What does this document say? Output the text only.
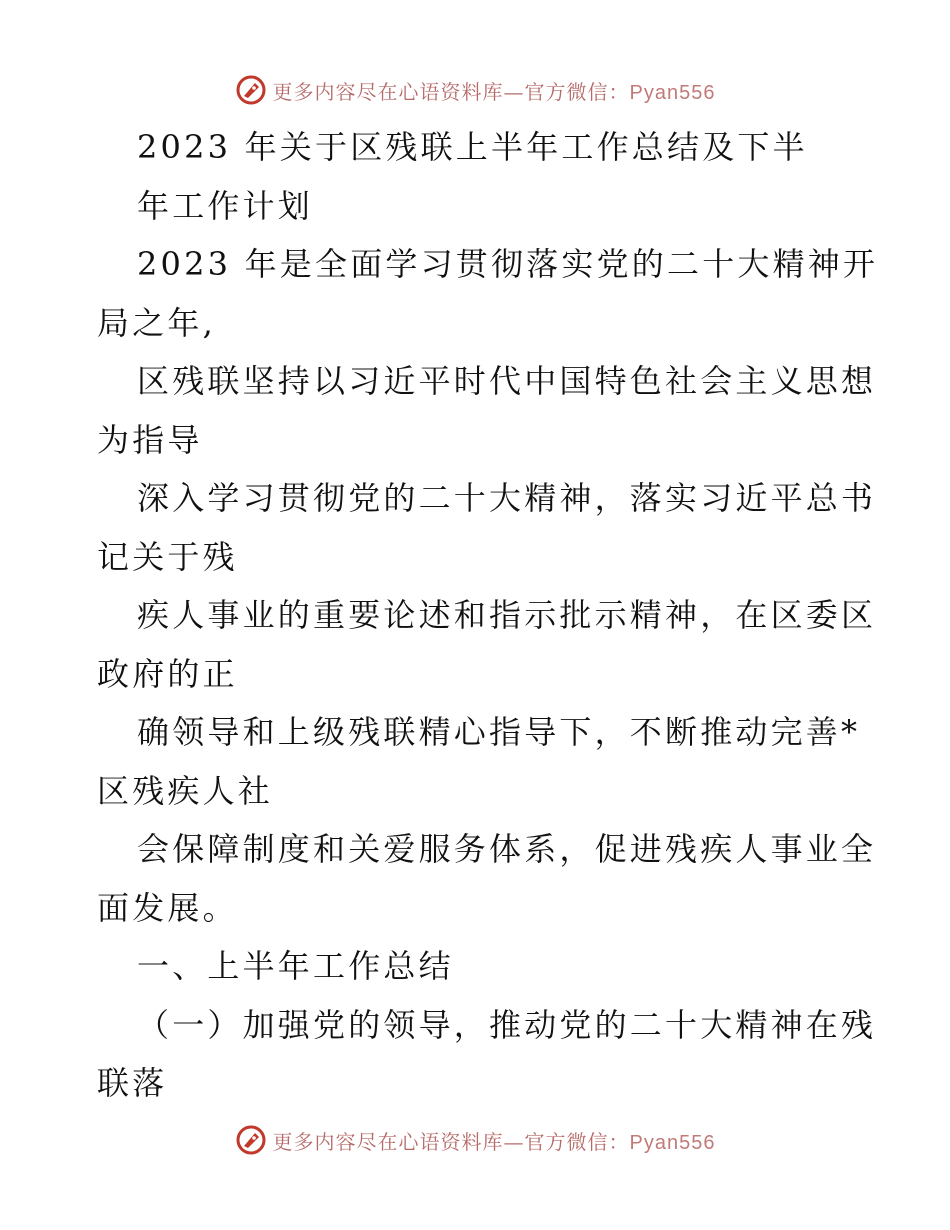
更多内容尽在心语资料库—官方微信：Pyan556
2023 年关于区残联上半年工作总结及下半
年工作计划
2023 年是全面学习贯彻落实党的二十大精神开
局之年,
区残联坚持以习近平时代中国特色社会主义思想
为指导
深入学习贯彻党的二十大精神，落实习近平总书
记关于残
疾人事业的重要论述和指示批示精神，在区委区
政府的正
确领导和上级残联精心指导下，不断推动完善*
区残疾人社
会保障制度和关爱服务体系，促进残疾人事业全
面发展。
一、上半年工作总结
（一）加强党的领导，推动党的二十大精神在残
联落
更多内容尽在心语资料库—官方微信：Pyan556
